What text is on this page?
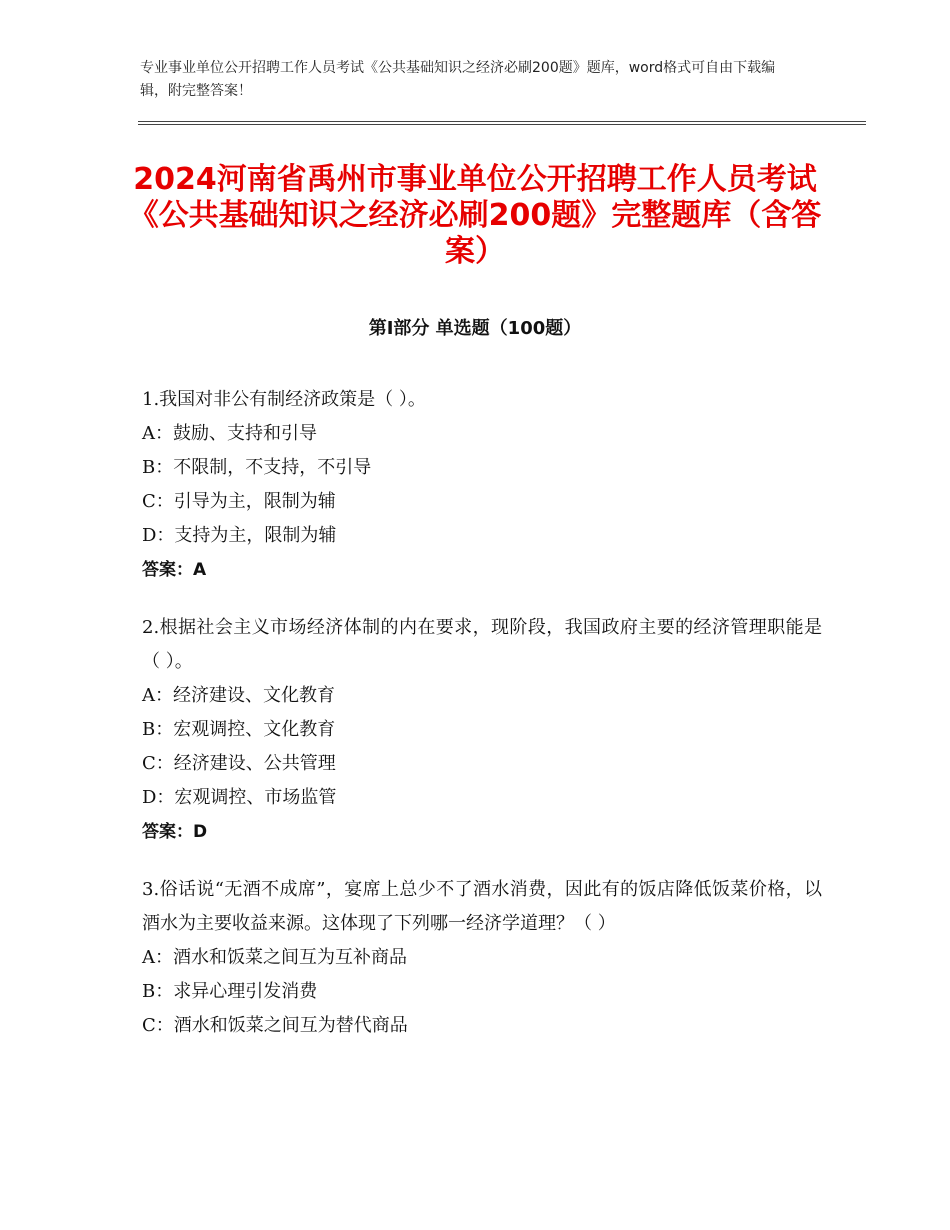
专业事业单位公开招聘工作人员考试《公共基础知识之经济必刷200题》题库，word格式可自由下载编辑，附完整答案！
2024河南省禹州市事业单位公开招聘工作人员考试《公共基础知识之经济必刷200题》完整题库（含答案）
第Ⅰ部分 单选题（100题）
1.我国对非公有制经济政策是（ ）。
A：鼓励、支持和引导
B：不限制，不支持，不引导
C：引导为主，限制为辅
D：支持为主，限制为辅
答案：A
2.根据社会主义市场经济体制的内在要求，现阶段，我国政府主要的经济管理职能是（ ）。
A：经济建设、文化教育
B：宏观调控、文化教育
C：经济建设、公共管理
D：宏观调控、市场监管
答案：D
3.俗话说“无酒不成席”，宴席上总少不了酒水消费，因此有的饭店降低饭菜价格，以酒水为主要收益来源。这体现了下列哪一经济学道理？（ ）
A：酒水和饭菜之间互为互补商品
B：求异心理引发消费
C：酒水和饭菜之间互为替代商品
